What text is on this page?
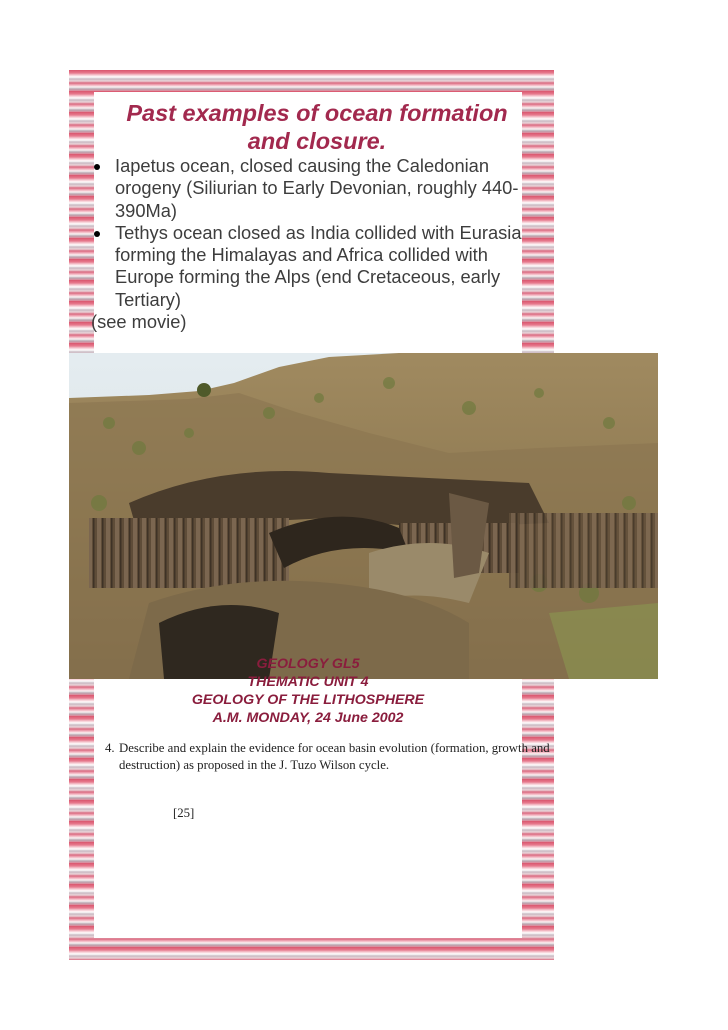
Past examples of ocean formation and closure.
Iapetus ocean, closed causing the Caledonian orogeny (Siliurian to Early Devonian, roughly 440-390Ma)
Tethys ocean closed as India collided with Eurasia forming the Himalayas and Africa collided with Europe forming the Alps (end Cretaceous, early Tertiary)
(see movie)
GEOLOGY GL5
THEMATIC UNIT 4
GEOLOGY OF THE LITHOSPHERE
A.M. MONDAY, 24 June 2002
4. Describe and explain the evidence for ocean basin evolution (formation, growth and destruction) as proposed in the J. Tuzo Wilson cycle.
[25]
